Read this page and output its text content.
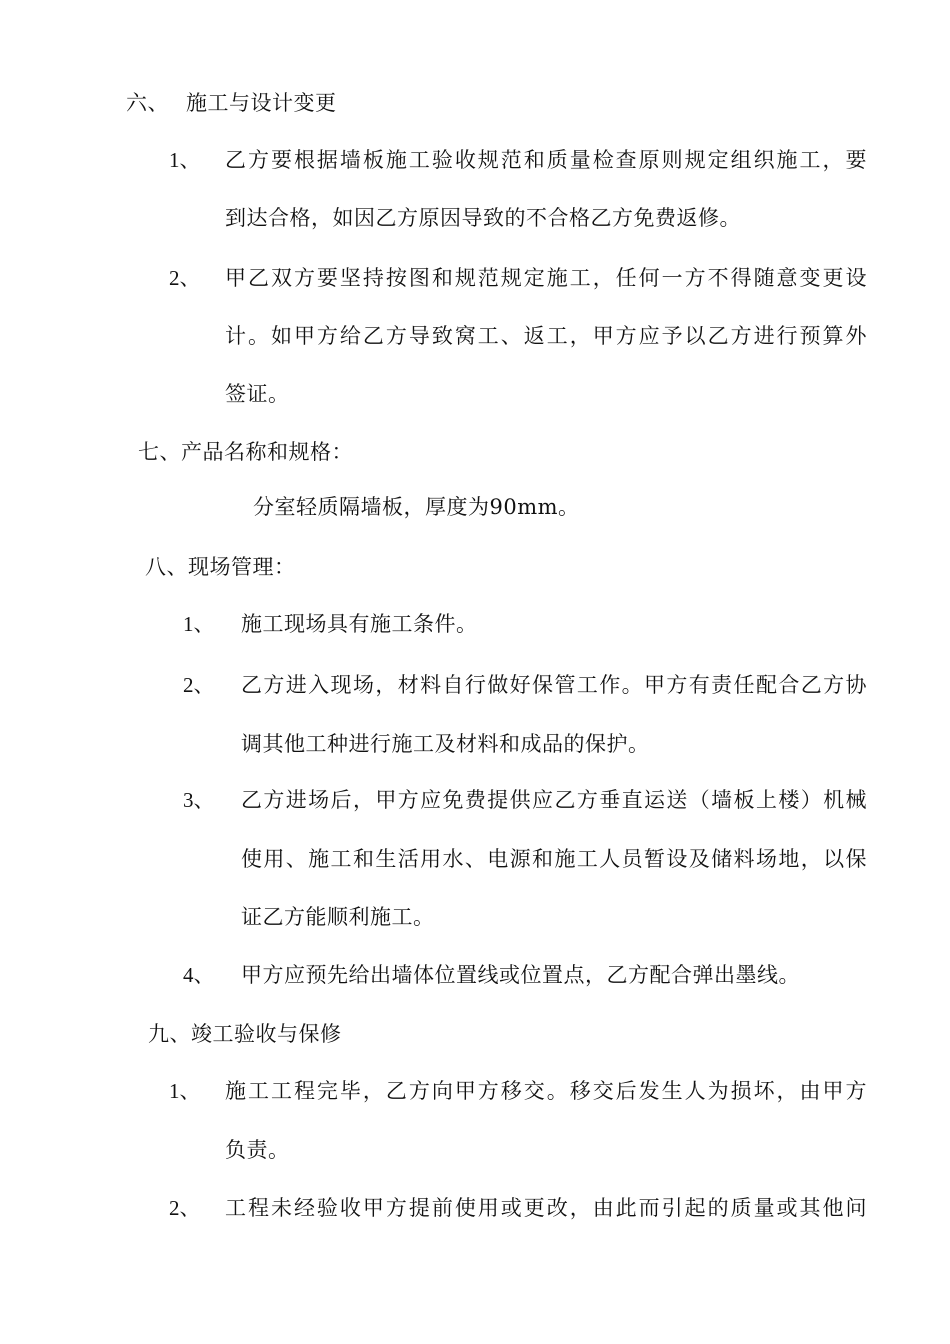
六、 施工与设计变更
1、 乙方要根据墙板施工验收规范和质量检查原则规定组织施工，要
到达合格，如因乙方原因导致的不合格乙方免费返修。
2、 甲乙双方要坚持按图和规范规定施工，任何一方不得随意变更设
计。如甲方给乙方导致窝工、返工，甲方应予以乙方进行预算外
签证。
七、产品名称和规格：
分室轻质隔墙板，厚度为90mm。
八、现场管理：
1、 施工现场具有施工条件。
2、 乙方进入现场，材料自行做好保管工作。甲方有责任配合乙方协
调其他工种进行施工及材料和成品的保护。
3、 乙方进场后，甲方应免费提供应乙方垂直运送（墙板上楼）机械
使用、施工和生活用水、电源和施工人员暂设及储料场地，以保
证乙方能顺利施工。
4、 甲方应预先给出墙体位置线或位置点，乙方配合弹出墨线。
九、竣工验收与保修
1、 施工工程完毕，乙方向甲方移交。移交后发生人为损坏，由甲方
负责。
2、 工程未经验收甲方提前使用或更改，由此而引起的质量或其他问
